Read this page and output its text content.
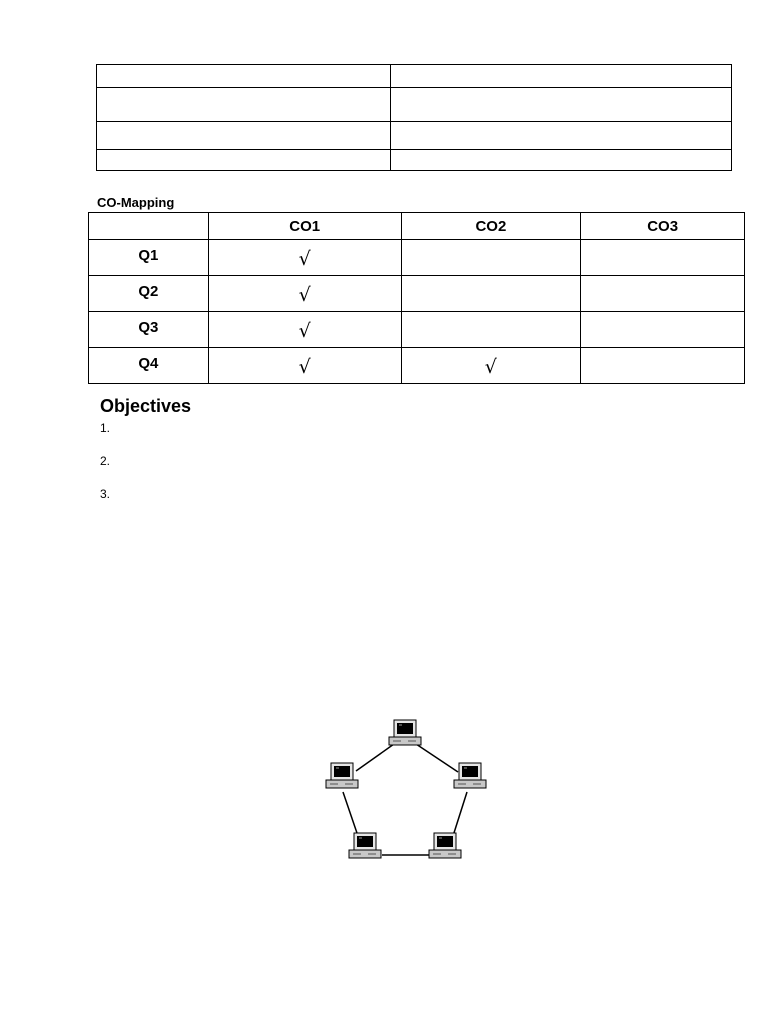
CO-Mapping
	CO1	CO2	CO3
Q1	√		
Q2	√		
Q3	√		
Q4	√	√	
Objectives
1.
2.
3.
